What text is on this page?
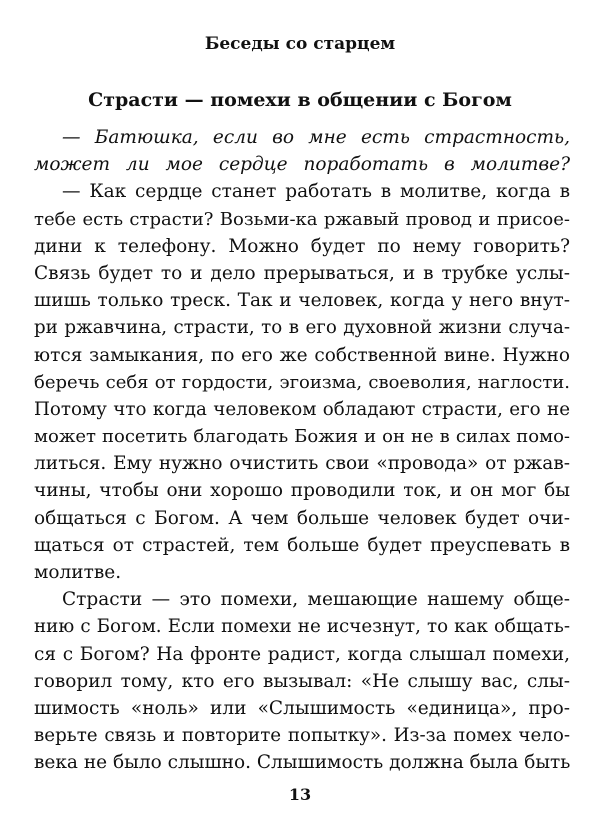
Беседы со старцем
Страсти — помехи в общении с Богом
— Батюшка, если во мне есть страстность,
может ли мое сердце поработать в молитве?
— Как сердце станет работать в молитве, когда в
тебе есть страсти? Возьми-ка ржавый провод и присое-
дини к телефону. Можно будет по нему говорить?
Связь будет то и дело прерываться, и в трубке услы-
шишь только треск. Так и человек, когда у него внут-
ри ржавчина, страсти, то в его духовной жизни случа-
ются замыкания, по его же собственной вине. Нужно
беречь себя от гордости, эгоизма, своеволия, наглости.
Потому что когда человеком обладают страсти, его не
может посетить благодать Божия и он не в силах помо-
литься. Ему нужно очистить свои «провода» от ржав-
чины, чтобы они хорошо проводили ток, и он мог бы
общаться с Богом. А чем больше человек будет очи-
щаться от страстей, тем больше будет преуспевать в
молитве.
Страсти — это помехи, мешающие нашему обще-
нию с Богом. Если помехи не исчезнут, то как общать-
ся с Богом? На фронте радист, когда слышал помехи,
говорил тому, кто его вызывал: «Не слышу вас, слы-
шимость «ноль» или «Слышимость «единица», про-
верьте связь и повторите попытку». Из-за помех чело-
века не было слышно. Слышимость должна была быть
13
